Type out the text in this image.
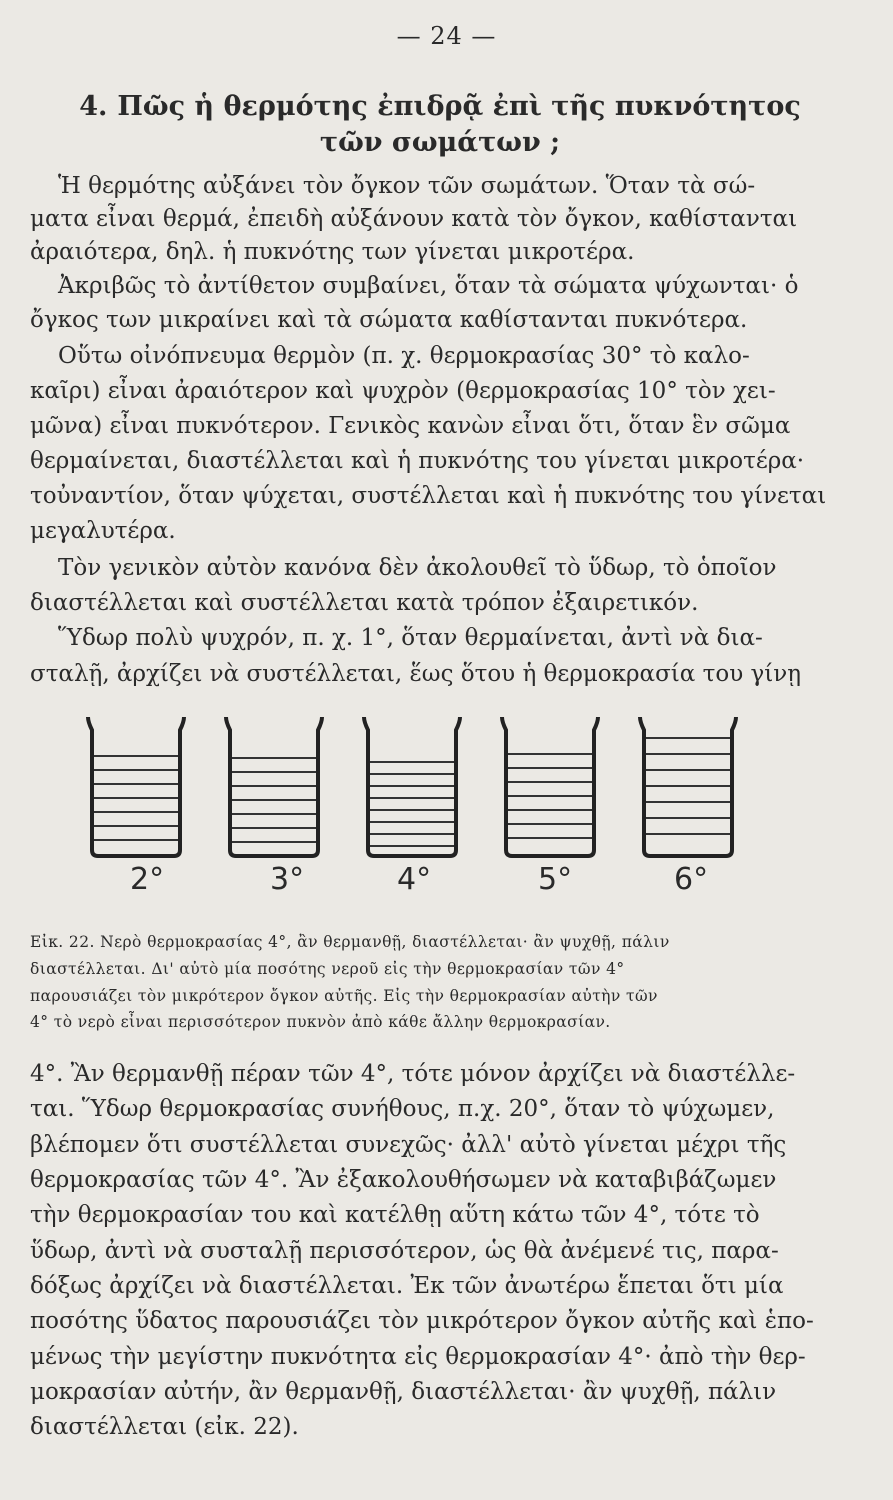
— 24 —
4. Πῶς ἡ θερμότης ἐπιδρᾷ ἐπὶ τῆς πυκνότητος
τῶν σωμάτων ;
Ἡ θερμότης αὐξάνει τὸν ὄγκον τῶν σωμάτων. Ὅταν τὰ σώ-
ματα εἶναι θερμά, ἐπειδὴ αὐξάνουν κατὰ τὸν ὄγκον, καθίστανται
ἀραιότερα, δηλ. ἡ πυκνότης των γίνεται μικροτέρα.
Ἀκριβῶς τὸ ἀντίθετον συμβαίνει, ὅταν τὰ σώματα ψύχωνται· ὁ
ὄγκος των μικραίνει καὶ τὰ σώματα καθίστανται πυκνότερα.
Οὕτω οἰνόπνευμα θερμὸν (π. χ. θερμοκρασίας 30° τὸ καλο-
καῖρι) εἶναι ἀραιότερον καὶ ψυχρὸν (θερμοκρασίας 10° τὸν χει-
μῶνα) εἶναι πυκνότερον. Γενικὸς κανὼν εἶναι ὅτι, ὅταν ἓν σῶμα
θερμαίνεται, διαστέλλεται καὶ ἡ πυκνότης του γίνεται μικροτέρα·
τοὐναντίον, ὅταν ψύχεται, συστέλλεται καὶ ἡ πυκνότης του γίνεται
μεγαλυτέρα.
Τὸν γενικὸν αὐτὸν κανόνα δὲν ἀκολουθεῖ τὸ ὕδωρ, τὸ ὁποῖον
διαστέλλεται καὶ συστέλλεται κατὰ τρόπον ἐξαιρετικόν.
Ὕδωρ πολὺ ψυχρόν, π. χ. 1°, ὅταν θερμαίνεται, ἀντὶ νὰ δια-
σταλῇ, ἀρχίζει νὰ συστέλλεται, ἕως ὅτου ἡ θερμοκρασία του γίνῃ
2°	3°	4°	5°	6°
Εἰκ. 22. Νερὸ θερμοκρασίας 4°, ἂν θερμανθῇ, διαστέλλεται· ἂν ψυχθῇ, πάλιν
διαστέλλεται. Δι' αὐτὸ μία ποσότης νεροῦ εἰς τὴν θερμοκρασίαν τῶν 4°
παρουσιάζει τὸν μικρότερον ὄγκον αὐτῆς. Εἰς τὴν θερμοκρασίαν αὐτὴν τῶν
4° τὸ νερὸ εἶναι περισσότερον πυκνὸν ἀπὸ κάθε ἄλλην θερμοκρασίαν.
4°. Ἂν θερμανθῇ πέραν τῶν 4°, τότε μόνον ἀρχίζει νὰ διαστέλλε-
ται. Ὕδωρ θερμοκρασίας συνήθους, π.χ. 20°, ὅταν τὸ ψύχωμεν,
βλέπομεν ὅτι συστέλλεται συνεχῶς· ἀλλ' αὐτὸ γίνεται μέχρι τῆς
θερμοκρασίας τῶν 4°. Ἂν ἐξακολουθήσωμεν νὰ καταβιβάζωμεν
τὴν θερμοκρασίαν του καὶ κατέλθῃ αὕτη κάτω τῶν 4°, τότε τὸ
ὕδωρ, ἀντὶ νὰ συσταλῇ περισσότερον, ὡς θὰ ἀνέμενέ τις, παρα-
δόξως ἀρχίζει νὰ διαστέλλεται. Ἐκ τῶν ἀνωτέρω ἕπεται ὅτι μία
ποσότης ὕδατος παρουσιάζει τὸν μικρότερον ὄγκον αὐτῆς καὶ ἑπο-
μένως τὴν μεγίστην πυκνότητα εἰς θερμοκρασίαν 4°· ἀπὸ τὴν θερ-
μοκρασίαν αὐτήν, ἂν θερμανθῇ, διαστέλλεται· ἂν ψυχθῇ, πάλιν
διαστέλλεται (εἰκ. 22).
